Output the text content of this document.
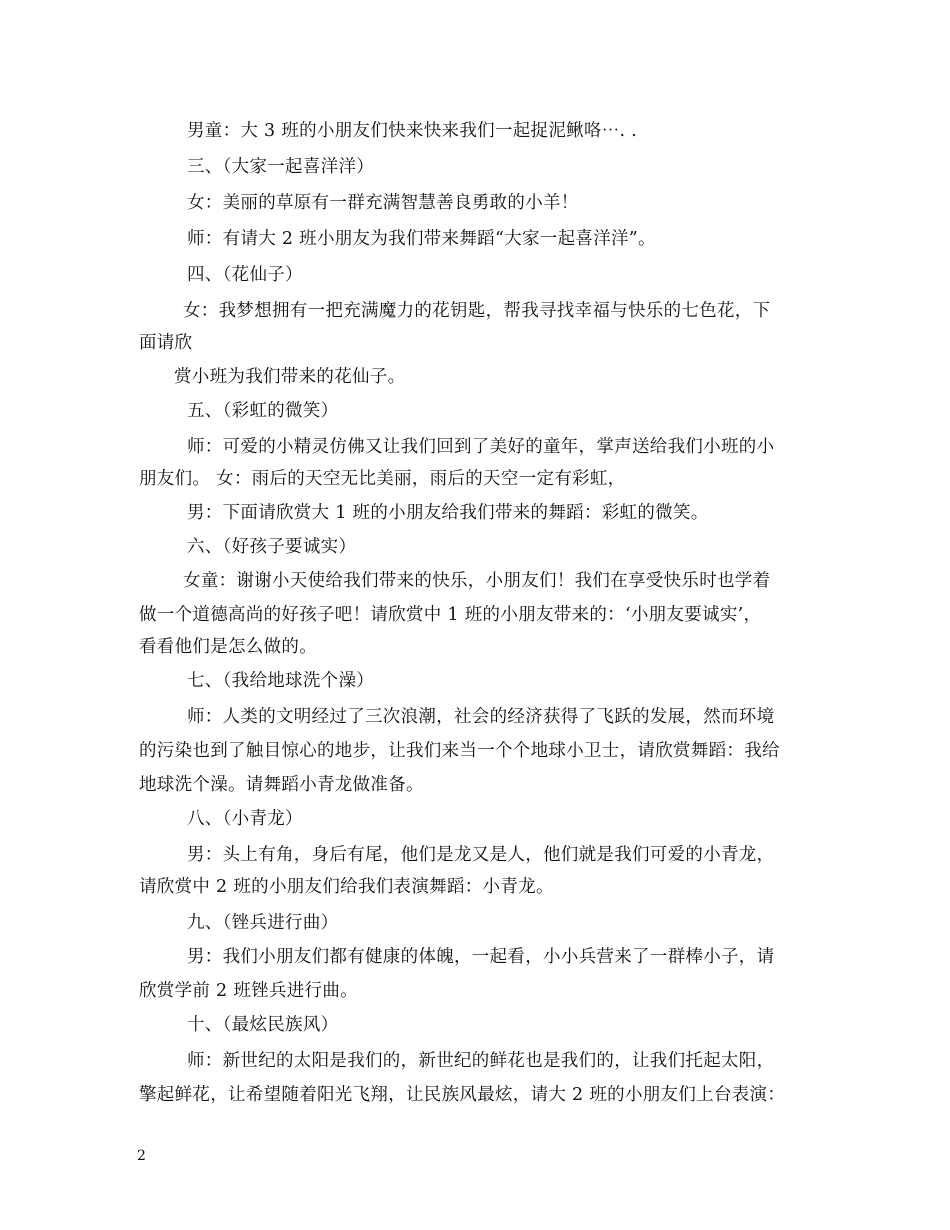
男童：大 3 班的小朋友们快来快来我们一起捉泥鳅咯⋯. .
三、（大家一起喜洋洋）
女：美丽的草原有一群充满智慧善良勇敢的小羊！
师：有请大 2 班小朋友为我们带来舞蹈“大家一起喜洋洋”。
四、（花仙子）
女：我梦想拥有一把充满魔力的花钥匙，帮我寻找幸福与快乐的七色花，下
面请欣
赏小班为我们带来的花仙子。
五、（彩虹的微笑）
师：可爱的小精灵仿佛又让我们回到了美好的童年，掌声送给我们小班的小
朋友们。 女：雨后的天空无比美丽，雨后的天空一定有彩虹，
男：下面请欣赏大 1 班的小朋友给我们带来的舞蹈：彩虹的微笑。
六、（好孩子要诚实）
女童：谢谢小天使给我们带来的快乐，小朋友们！我们在享受快乐时也学着
做一个道德高尚的好孩子吧！请欣赏中 1 班的小朋友带来的：‘小朋友要诚实’，
看看他们是怎么做的。
七、（我给地球洗个澡）
师：人类的文明经过了三次浪潮，社会的经济获得了飞跃的发展，然而环境
的污染也到了触目惊心的地步，让我们来当一个个地球小卫士，请欣赏舞蹈：我给
地球洗个澡。请舞蹈小青龙做准备。
八、（小青龙）
男：头上有角，身后有尾，他们是龙又是人，他们就是我们可爱的小青龙，
请欣赏中 2 班的小朋友们给我们表演舞蹈：小青龙。
九、（锉兵进行曲）
男：我们小朋友们都有健康的体魄，一起看，小小兵营来了一群棒小子，请
欣赏学前 2 班锉兵进行曲。
十、（最炫民族风）
师：新世纪的太阳是我们的，新世纪的鲜花也是我们的，让我们托起太阳，
擎起鲜花，让希望随着阳光飞翔，让民族风最炫，请大 2 班的小朋友们上台表演：
2
